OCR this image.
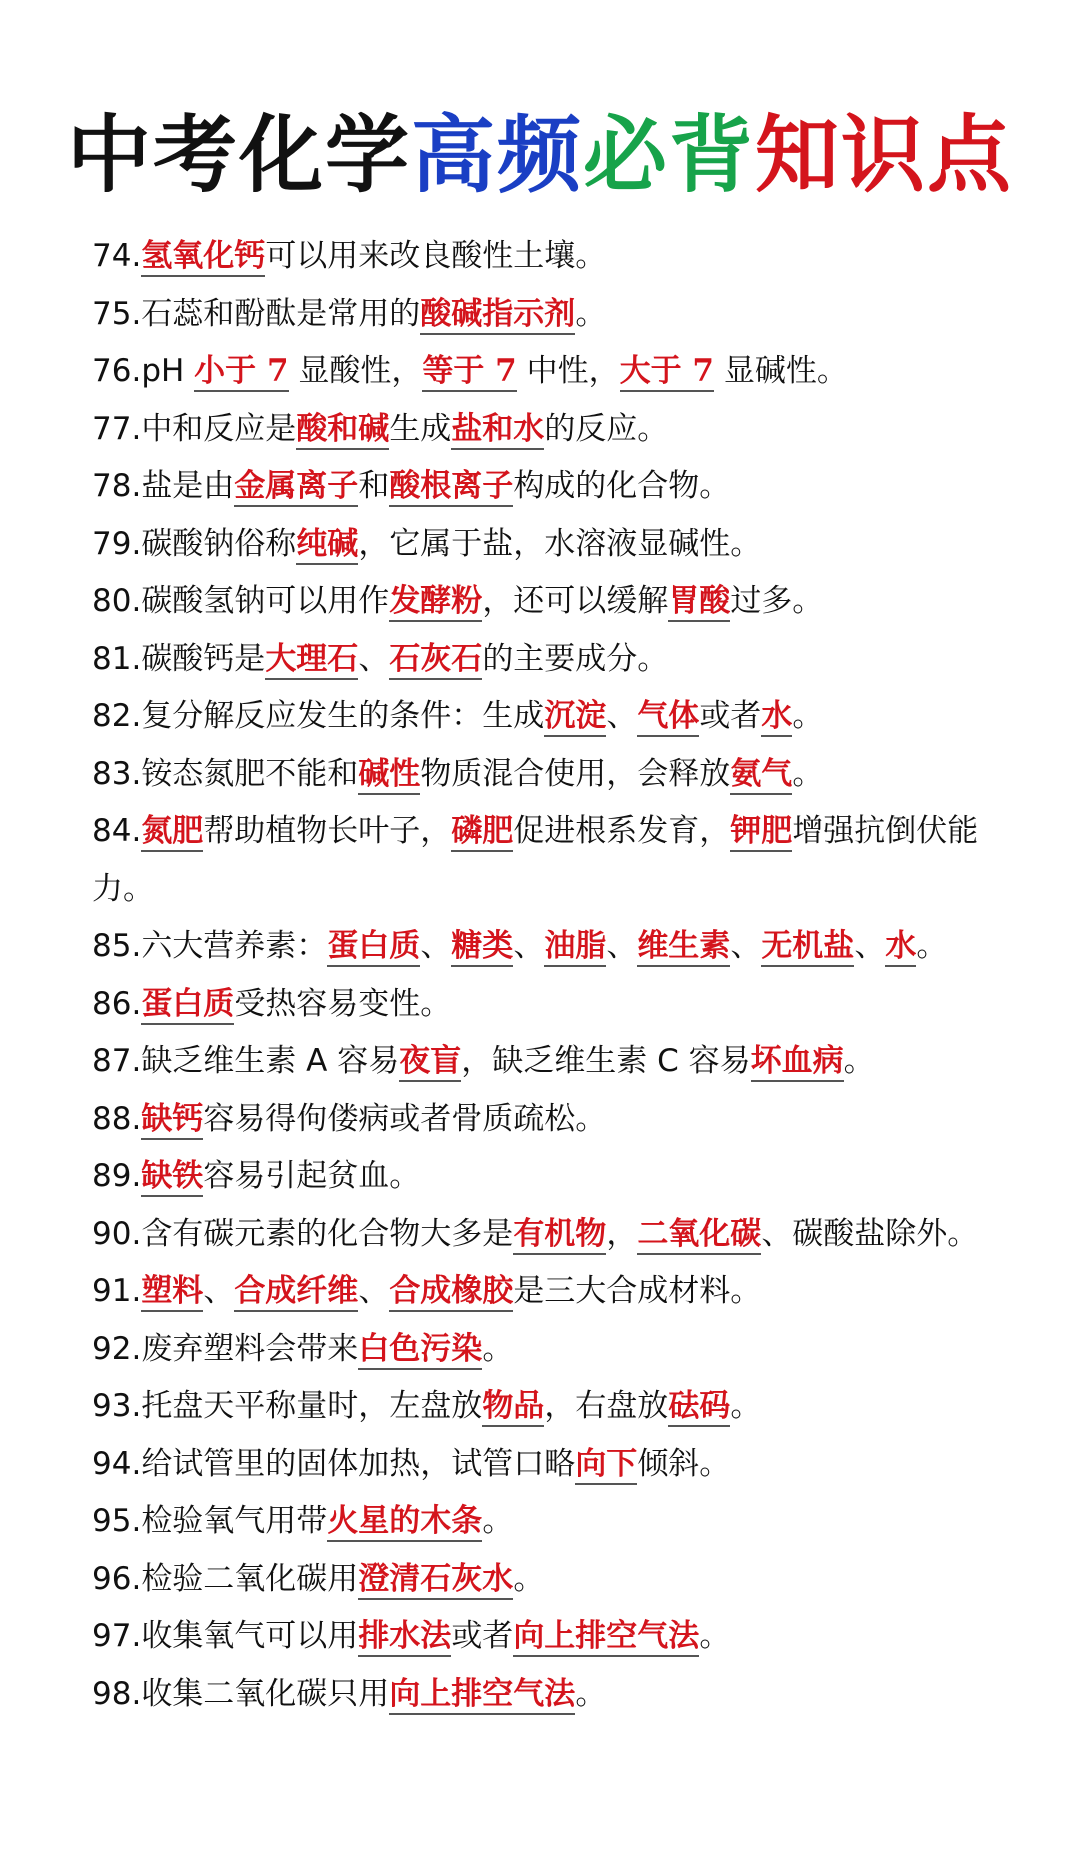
中考化学高频必背知识点
74.氢氧化钙可以用来改良酸性土壤。
75.石蕊和酚酞是常用的酸碱指示剂。
76.pH 小于 7 显酸性，等于 7 中性，大于 7 显碱性。
77.中和反应是酸和碱生成盐和水的反应。
78.盐是由金属离子和酸根离子构成的化合物。
79.碳酸钠俗称纯碱，它属于盐，水溶液显碱性。
80.碳酸氢钠可以用作发酵粉，还可以缓解胃酸过多。
81.碳酸钙是大理石、石灰石的主要成分。
82.复分解反应发生的条件：生成沉淀、气体或者水。
83.铵态氮肥不能和碱性物质混合使用，会释放氨气。
84.氮肥帮助植物长叶子，磷肥促进根系发育，钾肥增强抗倒伏能力。
85.六大营养素：蛋白质、糖类、油脂、维生素、无机盐、水。
86.蛋白质受热容易变性。
87.缺乏维生素 A 容易夜盲，缺乏维生素 C 容易坏血病。
88.缺钙容易得佝偻病或者骨质疏松。
89.缺铁容易引起贫血。
90.含有碳元素的化合物大多是有机物，二氧化碳、碳酸盐除外。
91.塑料、合成纤维、合成橡胶是三大合成材料。
92.废弃塑料会带来白色污染。
93.托盘天平称量时，左盘放物品，右盘放砝码。
94.给试管里的固体加热，试管口略向下倾斜。
95.检验氧气用带火星的木条。
96.检验二氧化碳用澄清石灰水。
97.收集氧气可以用排水法或者向上排空气法。
98.收集二氧化碳只用向上排空气法。
